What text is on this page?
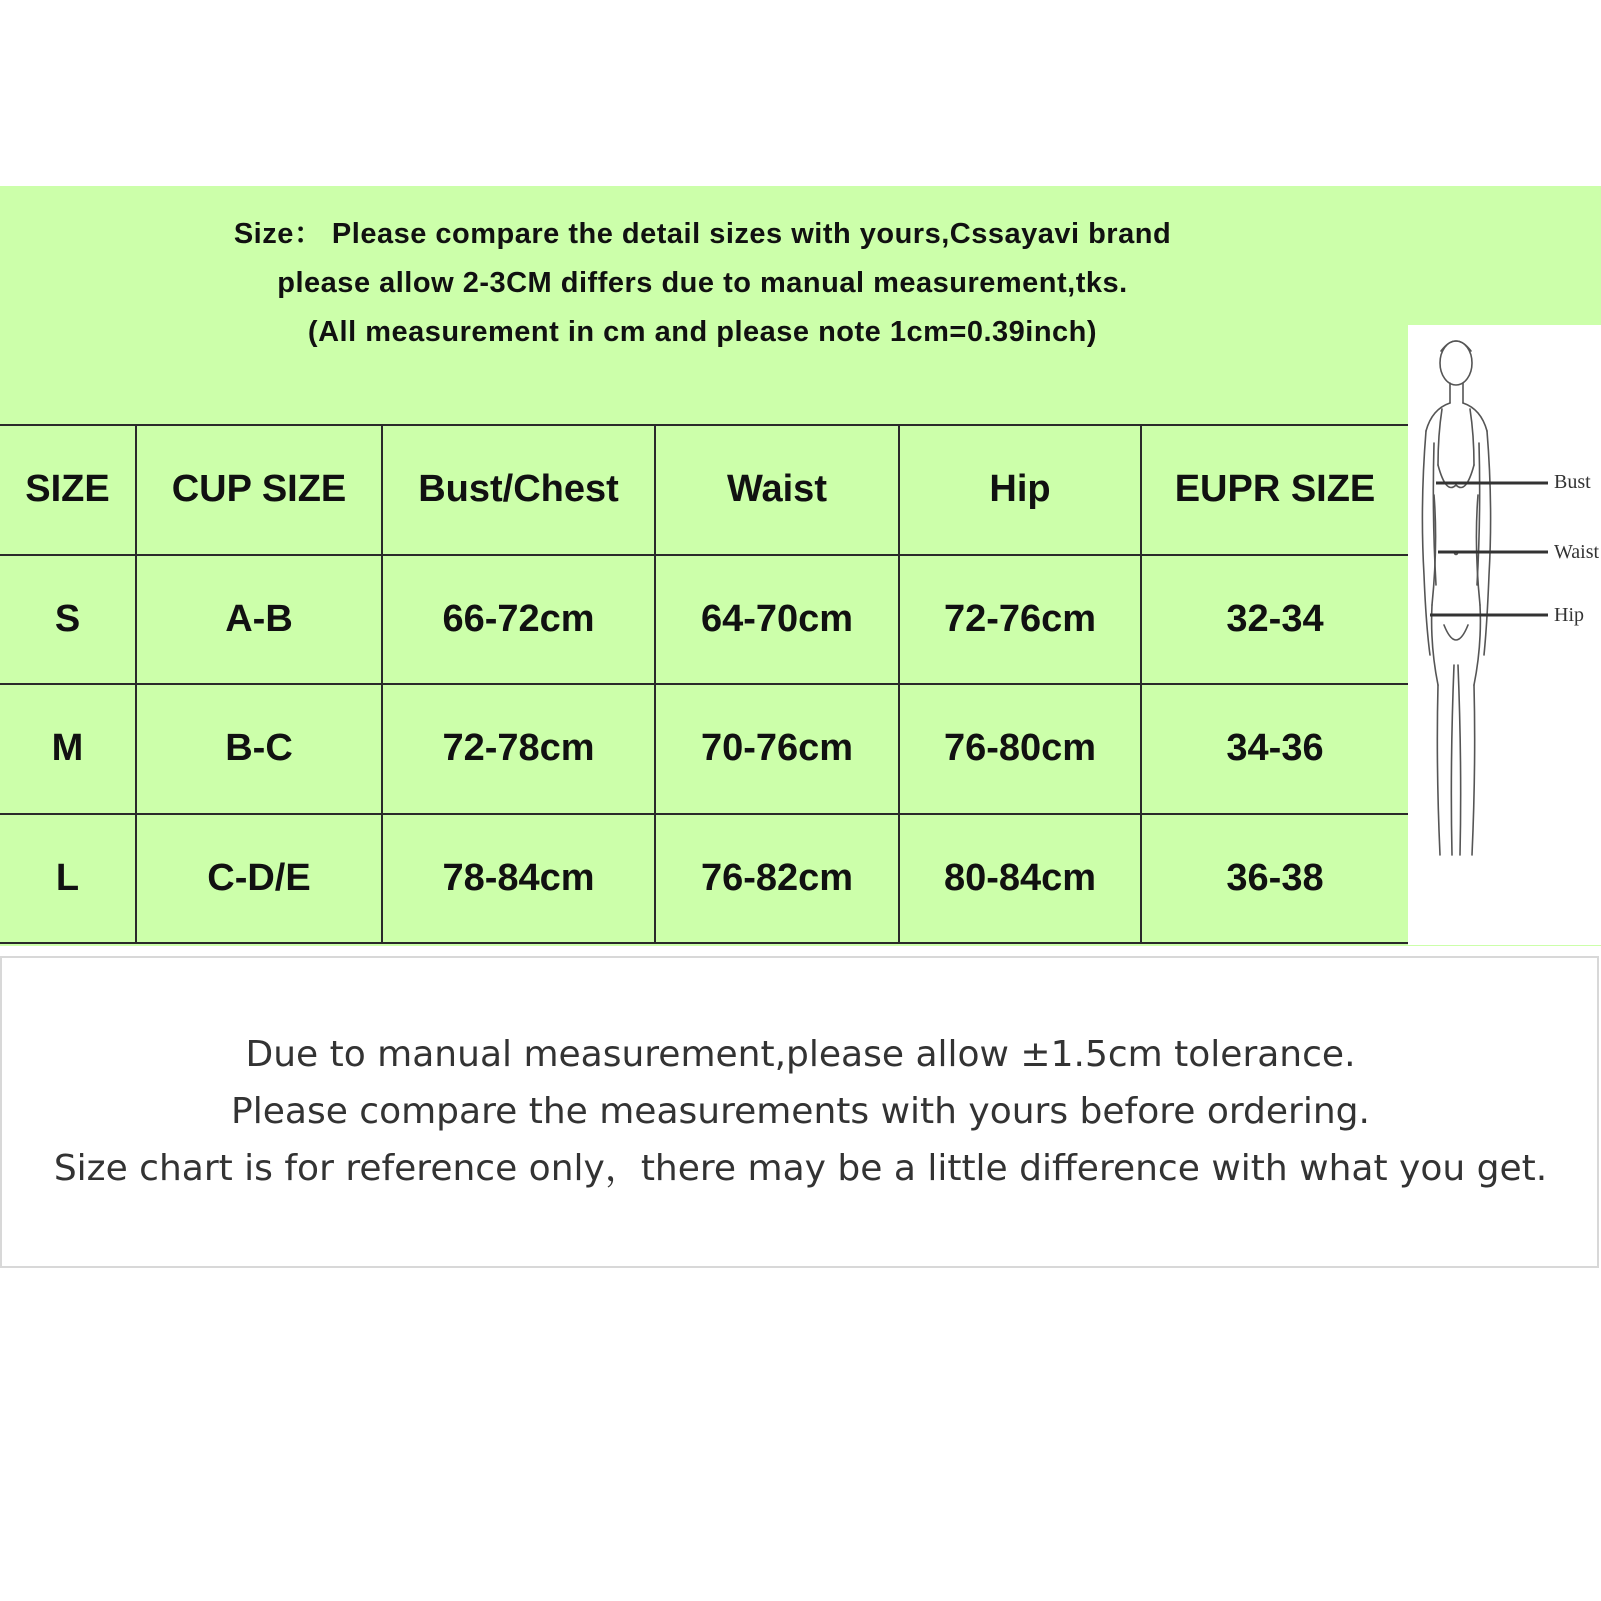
Size： Please compare the detail sizes with yours,Cssayavi brand
please allow 2-3CM differs due to manual measurement,tks.
(All measurement in cm and please note 1cm=0.39inch)
SIZE	CUP SIZE	Bust/Chest	Waist	Hip	EUPR SIZE
S	A-B	66-72cm	64-70cm	72-76cm	32-34
M	B-C	72-78cm	70-76cm	76-80cm	34-36
L	C-D/E	78-84cm	76-82cm	80-84cm	36-38
Bust
Waist
Hip
Due to manual measurement,please allow ±1.5cm tolerance.
Please compare the measurements with yours before ordering.
Size chart is for reference only，there may be a little difference with what you get.
